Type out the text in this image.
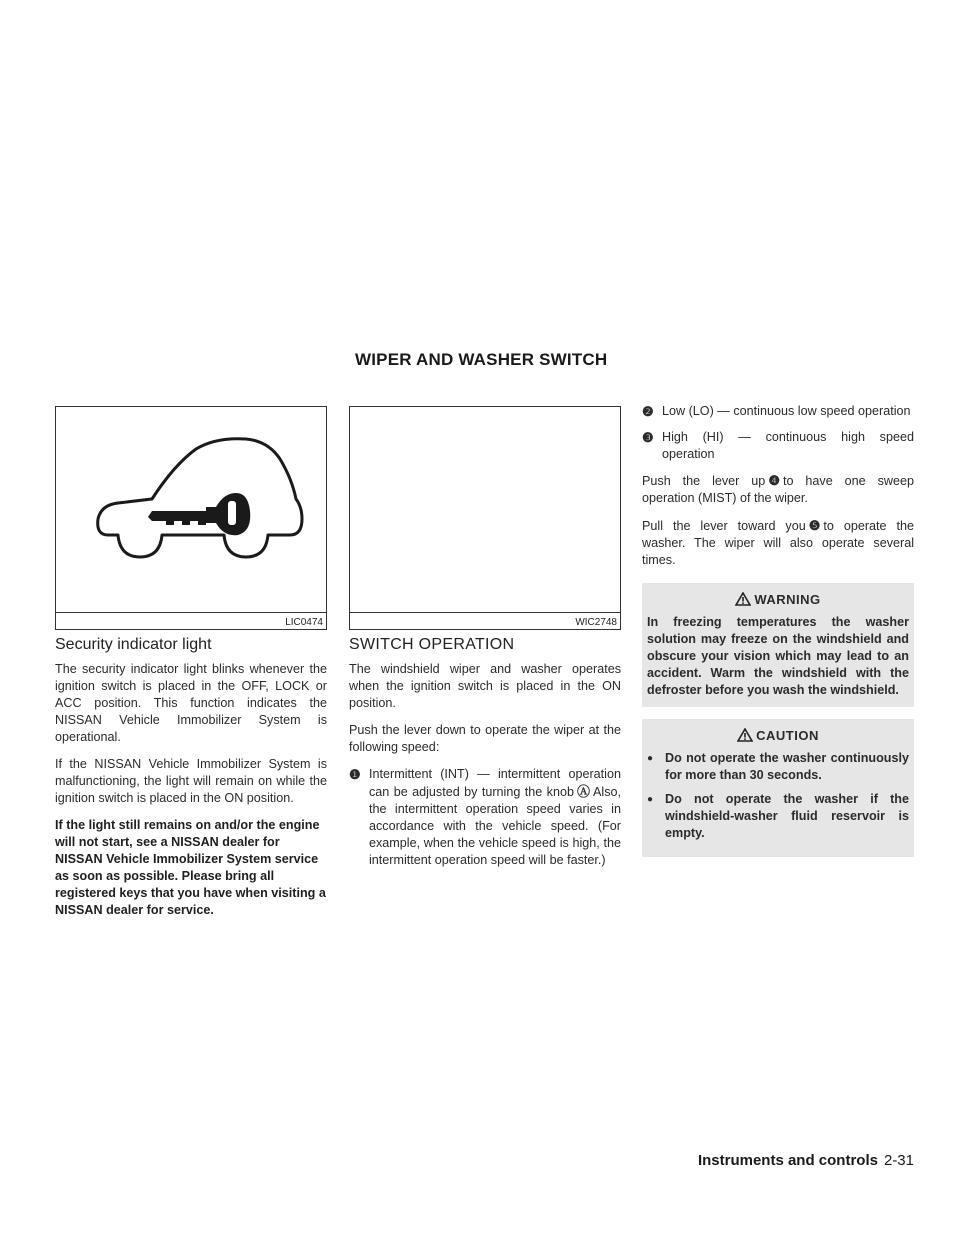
WIPER AND WASHER SWITCH
LIC0474	WIC2748
Security indicator light

The security indicator light blinks whenever the ignition switch is placed in the OFF, LOCK or ACC position. This function indicates the NISSAN Vehicle Immobilizer System is operational.

If the NISSAN Vehicle Immobilizer System is malfunctioning, the light will remain on while the ignition switch is placed in the ON position.

If the light still remains on and/or the engine will not start, see a NISSAN dealer for NISSAN Vehicle Immobilizer System service as soon as possible. Please bring all registered keys that you have when visiting a NISSAN dealer for service.

SWITCH OPERATION

The windshield wiper and washer operates when the ignition switch is placed in the ON position.

Push the lever down to operate the wiper at the following speed:

❶ Intermittent (INT) — intermittent operation can be adjusted by turning the knob Ⓐ Also, the intermittent operation speed varies in accordance with the vehicle speed. (For example, when the vehicle speed is high, the intermittent operation speed will be faster.)
❷ Low (LO) — continuous low speed operation
❸ High (HI) — continuous high speed operation

Push the lever up ❹ to have one sweep operation (MIST) of the wiper.

Pull the lever toward you ❺ to operate the washer. The wiper will also operate several times.

WARNING
In freezing temperatures the washer solution may freeze on the windshield and obscure your vision which may lead to an accident. Warm the windshield with the defroster before you wash the windshield.
CAUTION
● Do not operate the washer continuously for more than 30 seconds.
● Do not operate the washer if the windshield-washer fluid reservoir is empty.
Instruments and controls 2-31
